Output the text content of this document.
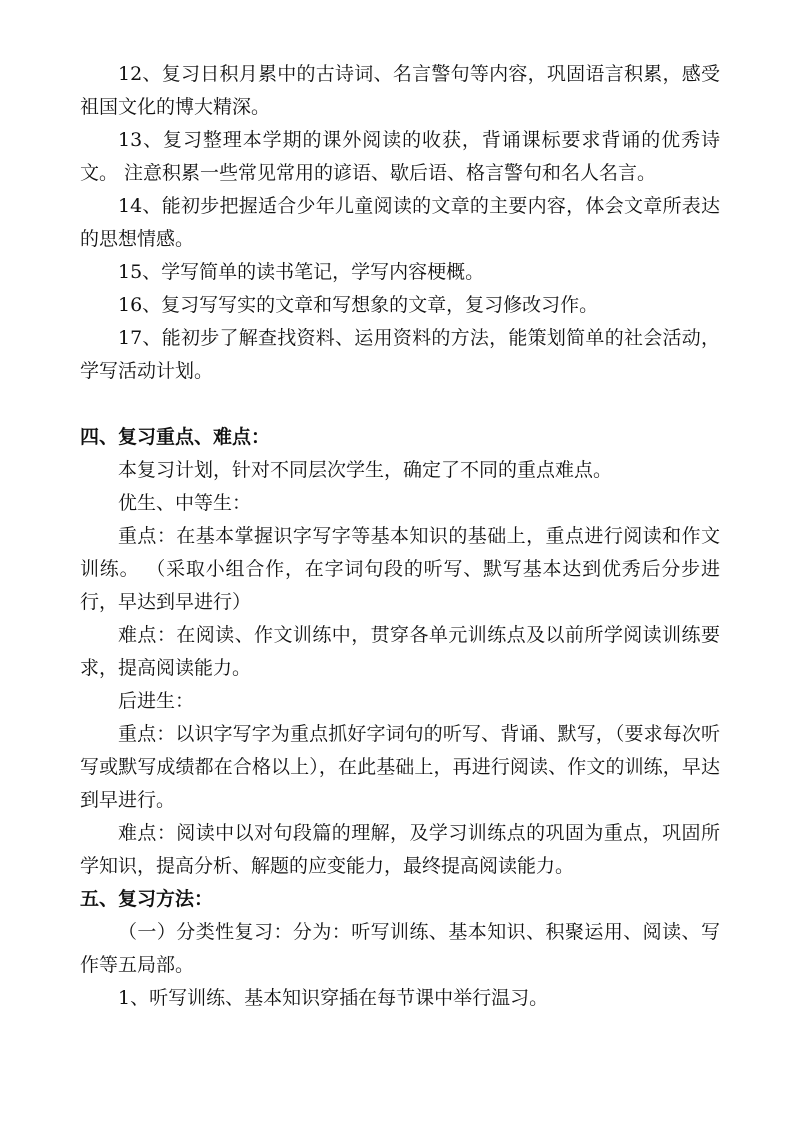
12、复习日积月累中的古诗词、名言警句等内容，巩固语言积累，感受祖国文化的博大精深。

13、复习整理本学期的课外阅读的收获，背诵课标要求背诵的优秀诗文。 注意积累一些常见常用的谚语、歇后语、格言警句和名人名言。

14、能初步把握适合少年儿童阅读的文章的主要内容，体会文章所表达的思想情感。

15、学写简单的读书笔记，学写内容梗概。

16、复习写写实的文章和写想象的文章，复习修改习作。

17、能初步了解查找资料、运用资料的方法，能策划简单的社会活动，学写活动计划。

四、复习重点、难点：

本复习计划，针对不同层次学生，确定了不同的重点难点。

优生、中等生：

重点：在基本掌握识字写字等基本知识的基础上，重点进行阅读和作文训练。 （采取小组合作，在字词句段的听写、默写基本达到优秀后分步进行，早达到早进行）

难点：在阅读、作文训练中，贯穿各单元训练点及以前所学阅读训练要求，提高阅读能力。

后进生：

重点：以识字写字为重点抓好字词句的听写、背诵、默写，（要求每次听写或默写成绩都在合格以上），在此基础上，再进行阅读、作文的训练，早达到早进行。

难点：阅读中以对句段篇的理解，及学习训练点的巩固为重点，巩固所学知识，提高分析、解题的应变能力，最终提高阅读能力。

五、复习方法：

（一）分类性复习：分为：听写训练、基本知识、积聚运用、阅读、写作等五局部。

1、听写训练、基本知识穿插在每节课中举行温习。
